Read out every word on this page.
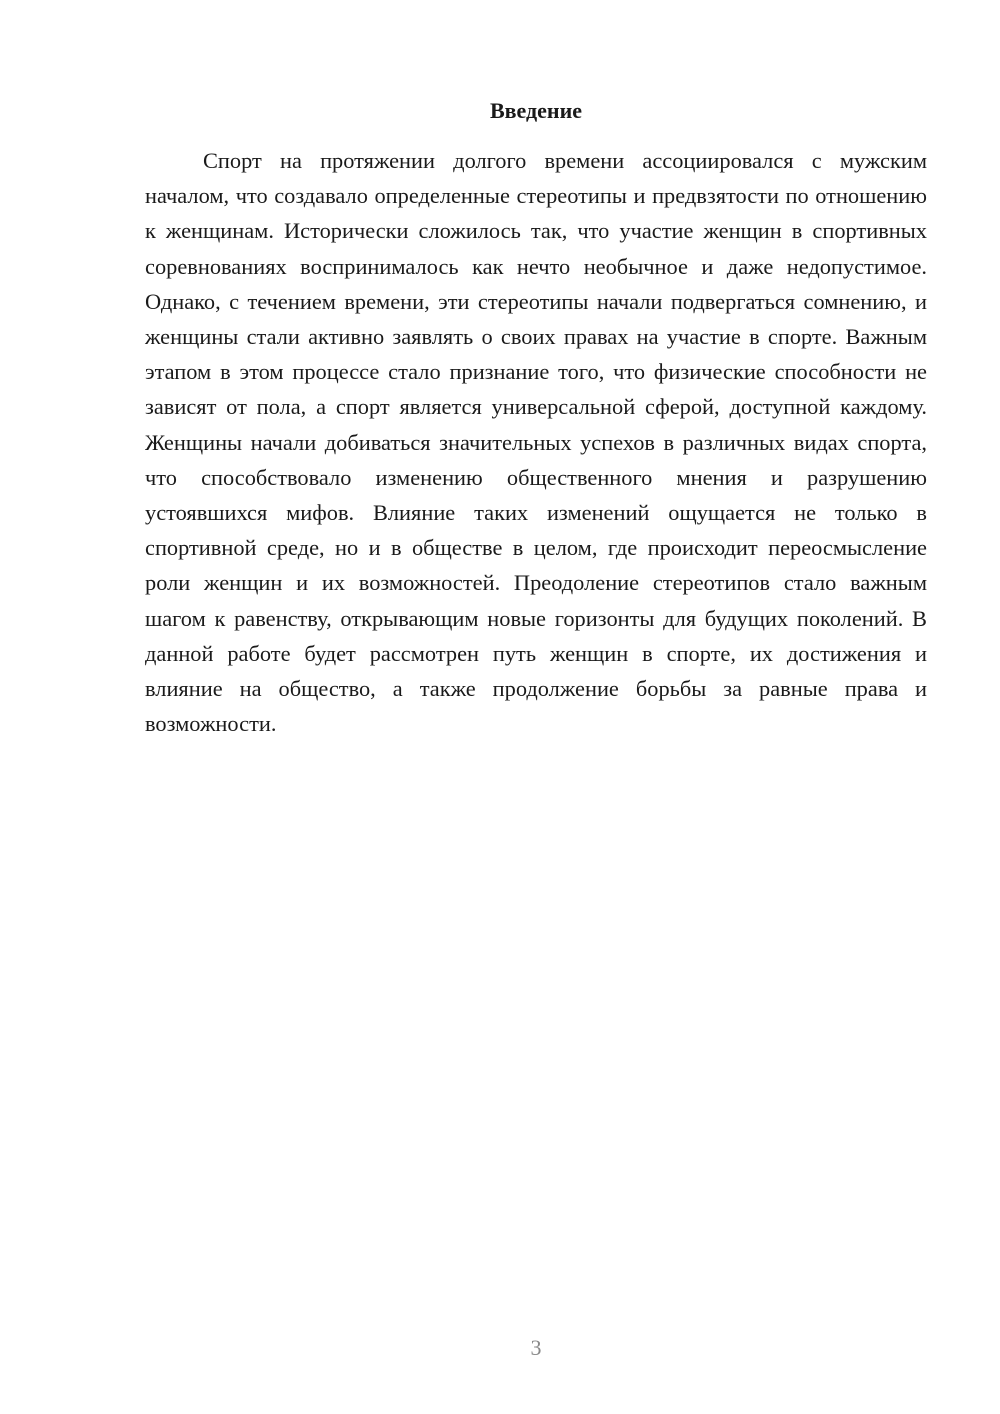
Введение

Спорт на протяжении долгого времени ассоциировался с мужским началом, что создавало определенные стереотипы и предвзятости по отношению к женщинам. Исторически сложилось так, что участие женщин в спортивных соревнованиях воспринималось как нечто необычное и даже недопустимое. Однако, с течением времени, эти стереотипы начали подвергаться сомнению, и женщины стали активно заявлять о своих правах на участие в спорте. Важным этапом в этом процессе стало признание того, что физические способности не зависят от пола, а спорт является универсальной сферой, доступной каждому. Женщины начали добиваться значительных успехов в различных видах спорта, что способствовало изменению общественного мнения и разрушению устоявшихся мифов. Влияние таких изменений ощущается не только в спортивной среде, но и в обществе в целом, где происходит переосмысление роли женщин и их возможностей. Преодоление стереотипов стало важным шагом к равенству, открывающим новые горизонты для будущих поколений. В данной работе будет рассмотрен путь женщин в спорте, их достижения и влияние на общество, а также продолжение борьбы за равные права и возможности.

3
